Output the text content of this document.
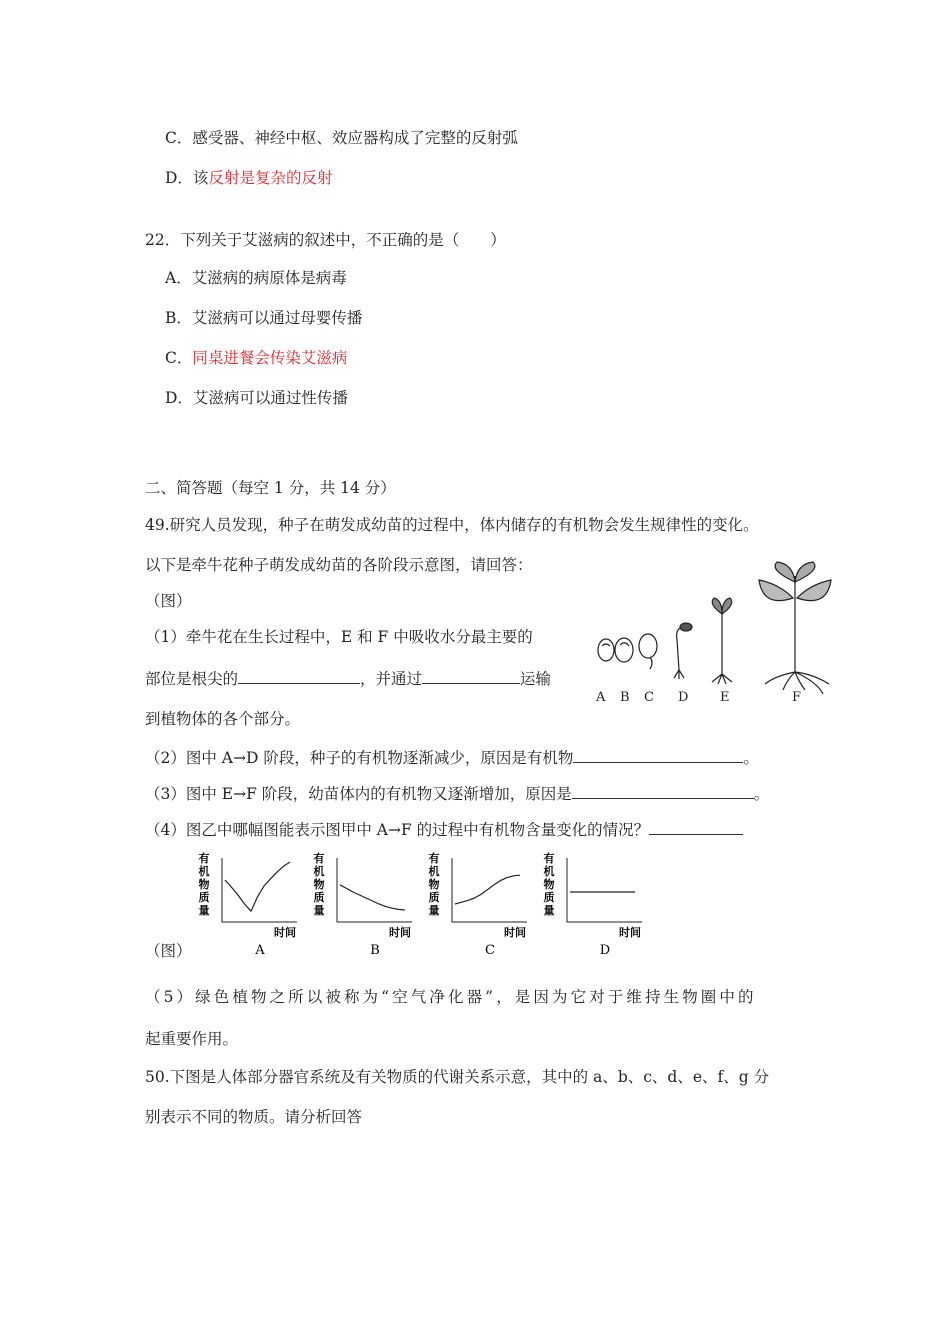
C．感受器、神经中枢、效应器构成了完整的反射弧
D．该反射是复杂的反射
22．下列关于艾滋病的叙述中，不正确的是（　　）
A．艾滋病的病原体是病毒
B．艾滋病可以通过母婴传播
C．同桌进餐会传染艾滋病
D．艾滋病可以通过性传播
二、简答题（每空 1 分，共 14 分）
49.研究人员发现，种子在萌发成幼苗的过程中，体内储存的有机物会发生规律性的变化。
以下是牵牛花种子萌发成幼苗的各阶段示意图，请回答：
（图）
（1）牵牛花在生长过程中，E 和 F 中吸收水分最主要的
部位是根尖的	，并通过	运输
到植物体的各个部分。
A B C D E	F
（2）图中 A→D 阶段，种子的有机物逐渐减少，原因是有机物	。
（3）图中 E→F 阶段，幼苗体内的有机物又逐渐增加，原因是	。
（4）图乙中哪幅图能表示图甲中 A→F 的过程中有机物含量变化的情况？
有
机
物
质
量
时间
A
有
机
物
质
量
时间
B
有
机
物
质
量
时间
C
有
机
物
质
量
时间
D
（图）
（5）绿色植物之所以被称为“空气净化器”，是因为它对于维持生物圈中的
起重要作用。
50.下图是人体部分器官系统及有关物质的代谢关系示意，其中的 a、b、c、d、e、f、g 分
别表示不同的物质。请分析回答
